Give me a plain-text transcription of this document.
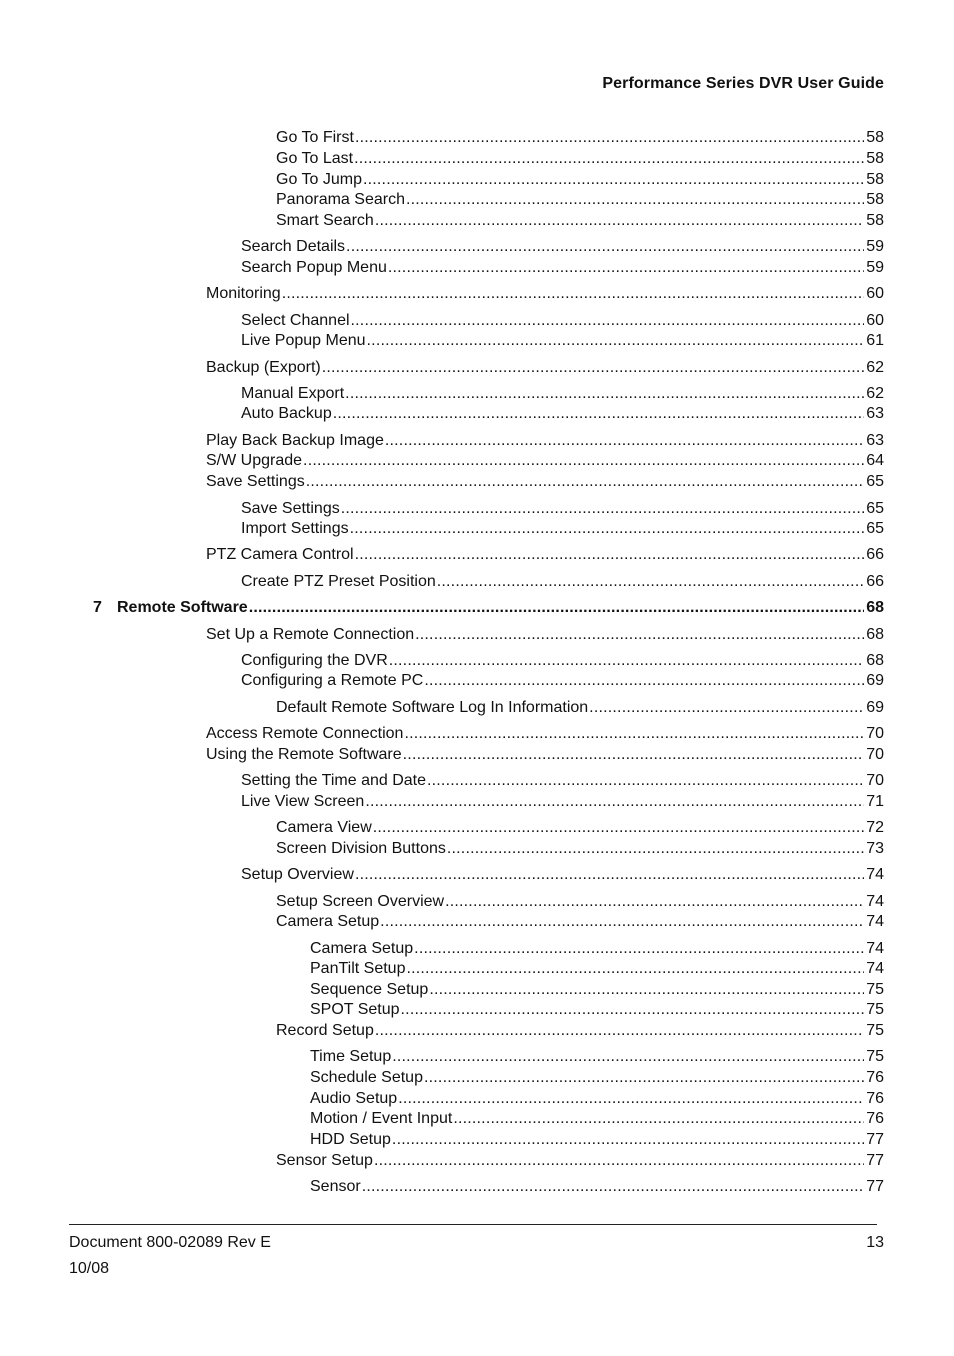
Performance Series DVR User Guide
Go To First .....	58
Go To Last .....	58
Go To Jump .....	58
Panorama Search .....	58
Smart Search .....	58
Search Details .....	59
Search Popup Menu .....	59
Monitoring .....	60
Select Channel .....	60
Live Popup Menu .....	61
Backup (Export) .....	62
Manual Export .....	62
Auto Backup .....	63
Play Back Backup Image .....	63
S/W Upgrade .....	64
Save Settings .....	65
Save Settings .....	65
Import Settings .....	65
PTZ Camera Control .....	66
Create PTZ Preset Position .....	66
7 Remote Software .....	68
Set Up a Remote Connection .....	68
Configuring the DVR .....	68
Configuring a Remote PC .....	69
Default Remote Software Log In Information .....	69
Access Remote Connection .....	70
Using the Remote Software .....	70
Setting the Time and Date .....	70
Live View Screen .....	71
Camera View .....	72
Screen Division Buttons .....	73
Setup Overview .....	74
Setup Screen Overview .....	74
Camera Setup .....	74
Camera Setup .....	74
PanTilt Setup .....	74
Sequence Setup .....	75
SPOT Setup .....	75
Record Setup .....	75
Time Setup .....	75
Schedule Setup .....	76
Audio Setup .....	76
Motion / Event Input .....	76
HDD Setup .....	77
Sensor Setup .....	77
Sensor .....	77
Document 800-02089 Rev E
10/08
13
